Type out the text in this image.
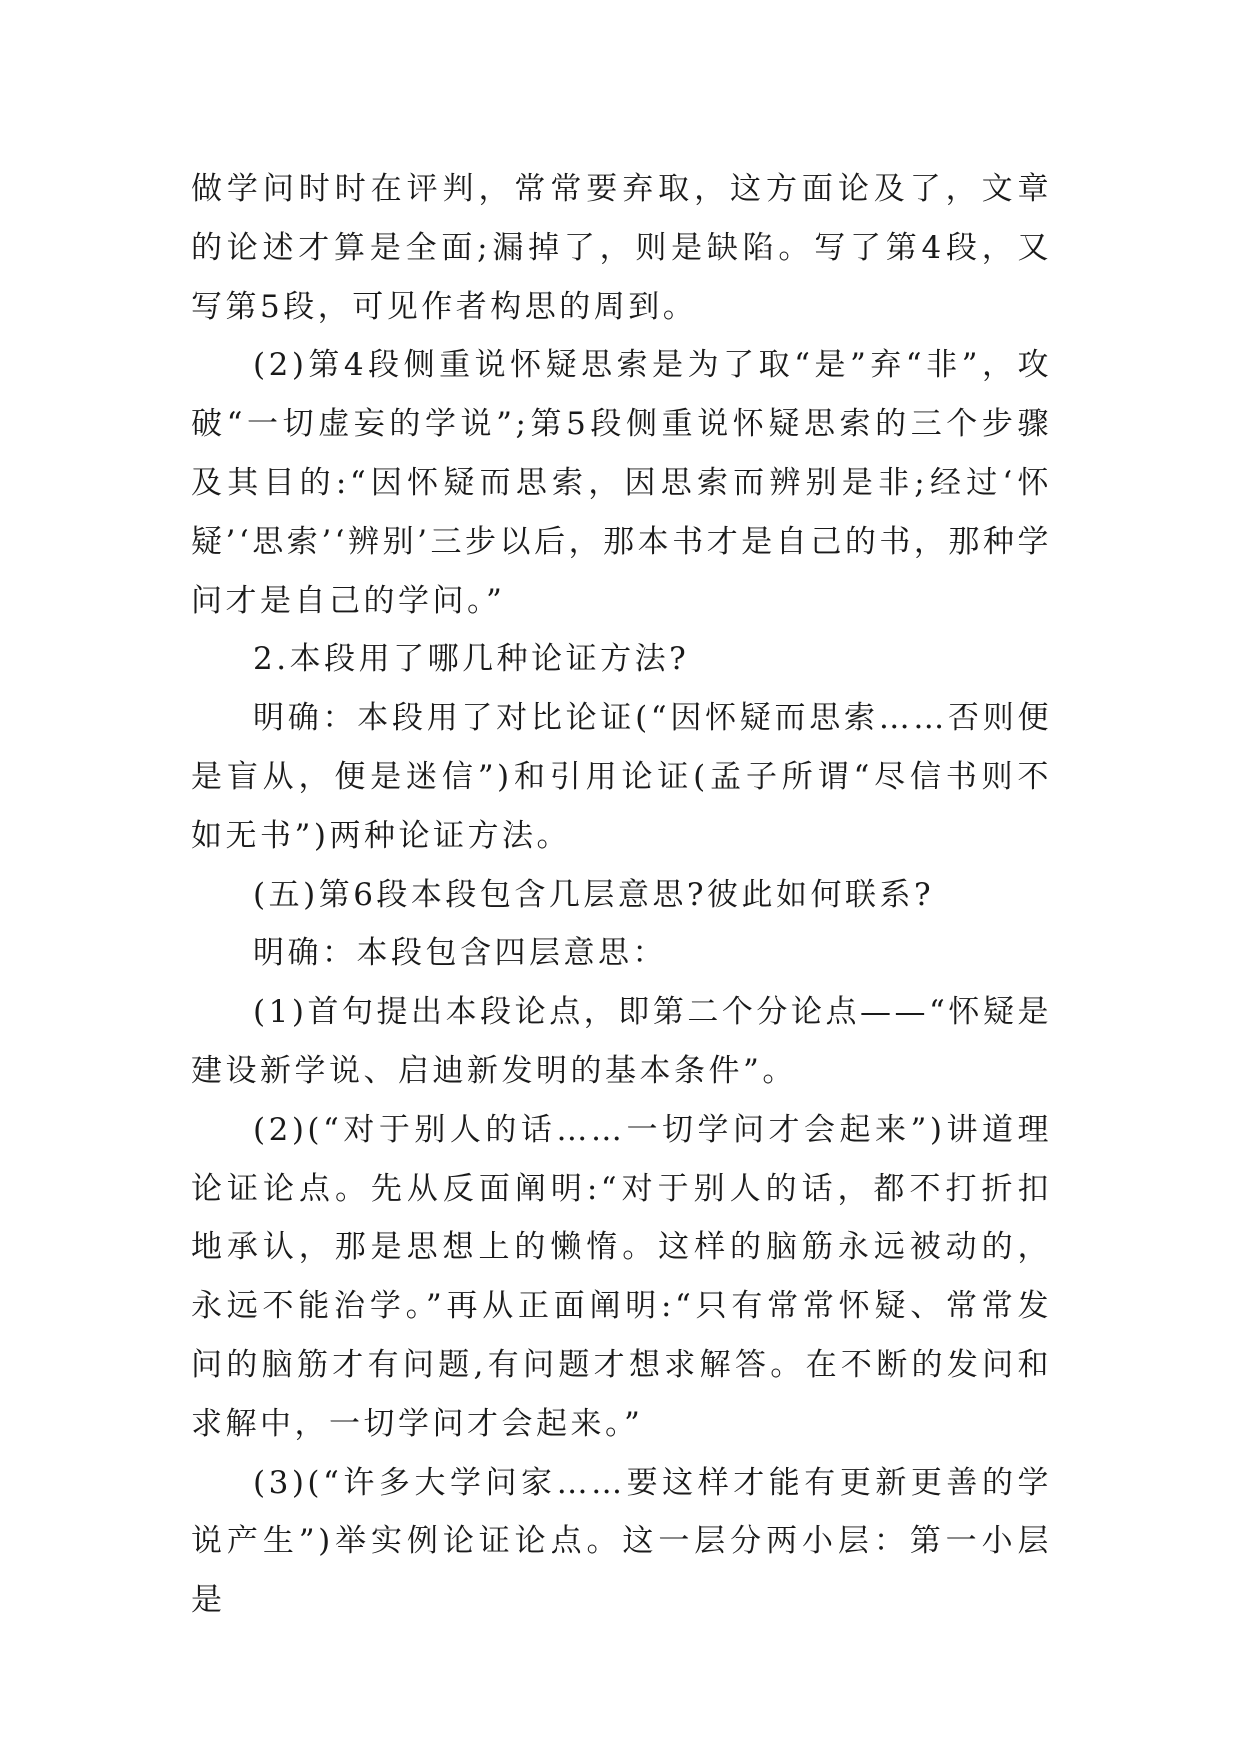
做学问时时在评判，常常要弃取，这方面论及了，文章的论述才算是全面;漏掉了，则是缺陷。写了第4段，又写第5段，可见作者构思的周到。

(2)第4段侧重说怀疑思索是为了取“是”弃“非”，攻破“一切虚妄的学说”;第5段侧重说怀疑思索的三个步骤及其目的:“因怀疑而思索，因思索而辨别是非;经过‘怀疑’‘思索’‘辨别’三步以后，那本书才是自己的书，那种学问才是自己的学问。”

2.本段用了哪几种论证方法?

明确：本段用了对比论证(“因怀疑而思索……否则便是盲从，便是迷信”)和引用论证(孟子所谓“尽信书则不如无书”)两种论证方法。

(五)第6段本段包含几层意思?彼此如何联系?

明确：本段包含四层意思：

(1)首句提出本段论点，即第二个分论点——“怀疑是建设新学说、启迪新发明的基本条件”。

(2)(“对于别人的话……一切学问才会起来”)讲道理论证论点。先从反面阐明:“对于别人的话，都不打折扣地承认，那是思想上的懒惰。这样的脑筋永远被动的，永远不能治学。”再从正面阐明:“只有常常怀疑、常常发问的脑筋才有问题,有问题才想求解答。在不断的发问和求解中，一切学问才会起来。”

(3)(“许多大学问家……要这样才能有更新更善的学说产生”)举实例论证论点。这一层分两小层：第一小层是
